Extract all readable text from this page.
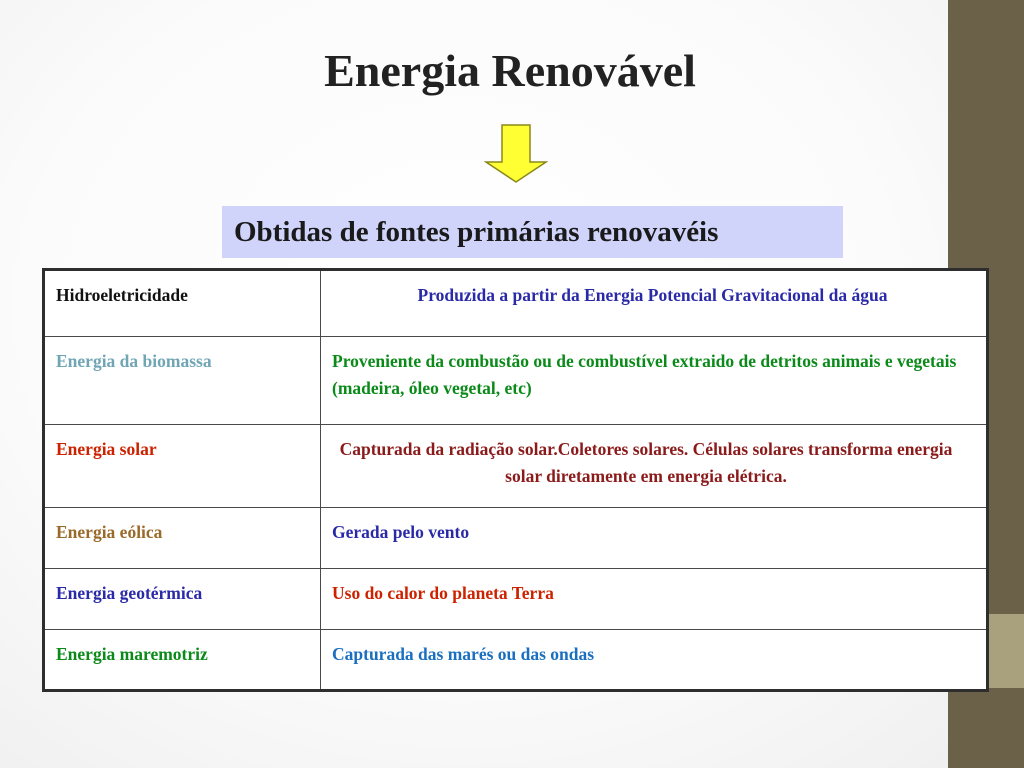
Energia Renovável
Obtidas de fontes primárias renovavéis
Hidroeletricidade	Produzida a partir da Energia Potencial Gravitacional da água
Energia da biomassa	Proveniente da combustão ou de combustível extraido de detritos animais e vegetais (madeira, óleo vegetal, etc)
Energia solar	Capturada da radiação solar.Coletores solares. Células solares transforma energia solar diretamente em energia elétrica.
Energia eólica	Gerada pelo vento
Energia geotérmica	Uso do calor do planeta Terra
Energia maremotriz	Capturada das marés ou das ondas
